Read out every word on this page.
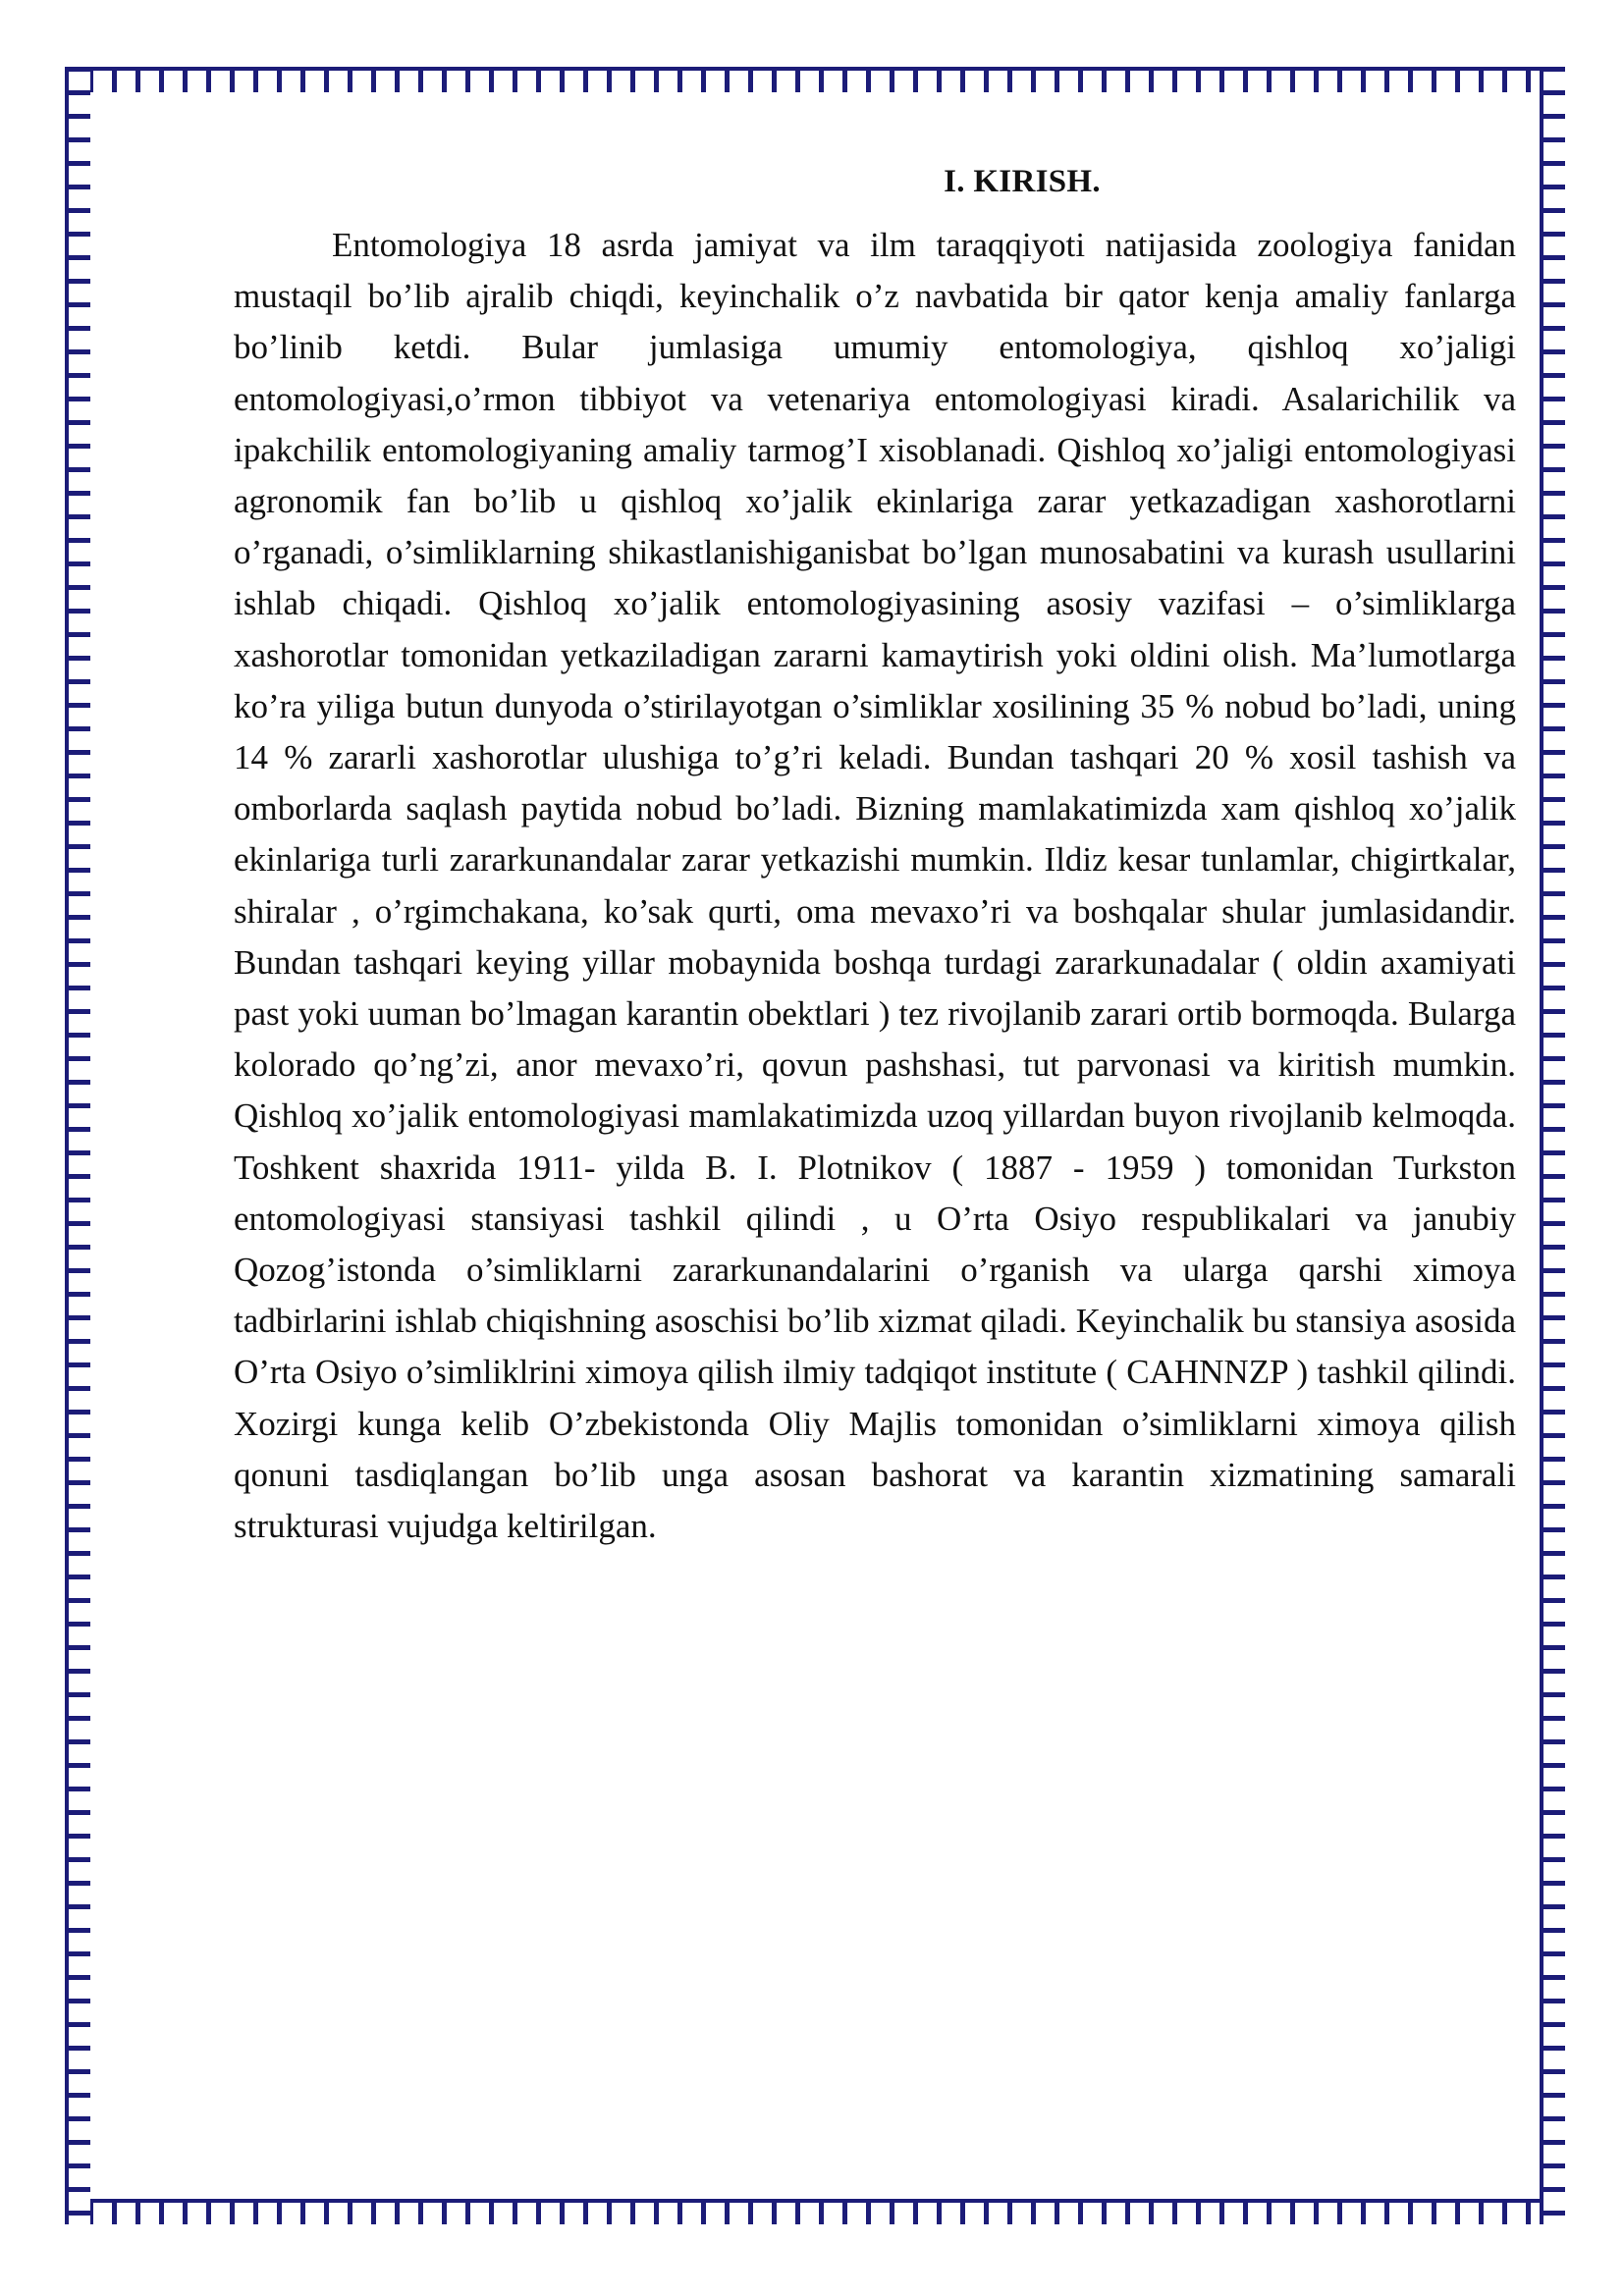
I. KIRISH.

Entomologiya 18 asrda jamiyat va ilm taraqqiyoti natijasida zoologiya fanidan mustaqil bo’lib ajralib chiqdi, keyinchalik o’z navbatida bir qator kenja amaliy fanlarga bo’linib ketdi. Bular jumlasiga umumiy entomologiya, qishloq xo’jaligi entomologiyasi,o’rmon tibbiyot va vetenariya entomologiyasi kiradi. Asalarichilik va ipakchilik entomologiyaning amaliy tarmog’I xisoblanadi. Qishloq xo’jaligi entomologiyasi agronomik fan bo’lib u qishloq xo’jalik ekinlariga zarar yetkazadigan xashorotlarni o’rganadi, o’simliklarning shikastlanishiganisbat bo’lgan munosabatini va kurash usullarini ishlab chiqadi. Qishloq xo’jalik entomologiyasining asosiy vazifasi – o’simliklarga xashorotlar tomonidan yetkaziladigan zararni kamaytirish yoki oldini olish. Ma’lumotlarga ko’ra yiliga butun dunyoda o’stirilayotgan o’simliklar xosilining 35 % nobud bo’ladi, uning 14 % zararli xashorotlar ulushiga to’g’ri keladi. Bundan tashqari 20 % xosil tashish va omborlarda saqlash paytida nobud bo’ladi. Bizning mamlakatimizda xam qishloq xo’jalik ekinlariga turli zararkunandalar zarar yetkazishi mumkin. Ildiz kesar tunlamlar, chigirtkalar, shiralar , o’rgimchakana, ko’sak qurti, oma mevaxo’ri va boshqalar shular jumlasidandir. Bundan tashqari keying yillar mobaynida boshqa turdagi zararkunadalar ( oldin axamiyati past yoki uuman bo’lmagan karantin obektlari ) tez rivojlanib zarari ortib bormoqda. Bularga kolorado qo’ng’zi, anor mevaxo’ri, qovun pashshasi, tut parvonasi va kiritish mumkin. Qishloq xo’jalik entomologiyasi mamlakatimizda uzoq yillardan buyon rivojlanib kelmoqda. Toshkent shaxrida 1911- yilda B. I. Plotnikov ( 1887 - 1959 ) tomonidan Turkston entomologiyasi stansiyasi tashkil qilindi , u O’rta Osiyo respublikalari va janubiy Qozog’istonda o’simliklarni zararkunandalarini o’rganish va ularga qarshi ximoya tadbirlarini ishlab chiqishning asoschisi bo’lib xizmat qiladi. Keyinchalik bu stansiya asosida O’rta Osiyo o’simliklrini ximoya qilish ilmiy tadqiqot institute ( CAHNNZP ) tashkil qilindi. Xozirgi kunga kelib O’zbekistonda Oliy Majlis tomonidan o’simliklarni ximoya qilish qonuni tasdiqlangan bo’lib unga asosan bashorat va karantin xizmatining samarali strukturasi vujudga keltirilgan.
